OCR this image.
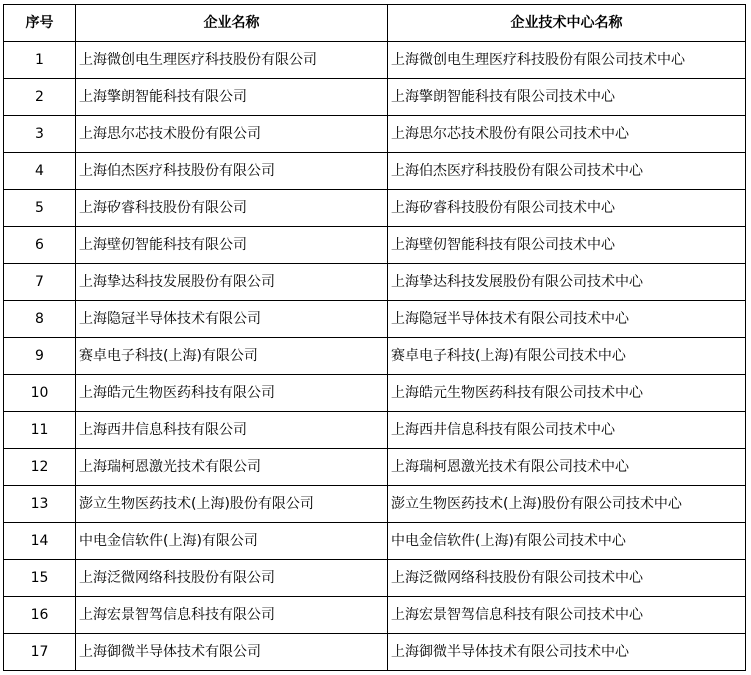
序号	企业名称	企业技术中心名称
1	上海微创电生理医疗科技股份有限公司	上海微创电生理医疗科技股份有限公司技术中心
2	上海擎朗智能科技有限公司	上海擎朗智能科技有限公司技术中心
3	上海思尔芯技术股份有限公司	上海思尔芯技术股份有限公司技术中心
4	上海伯杰医疗科技股份有限公司	上海伯杰医疗科技股份有限公司技术中心
5	上海矽睿科技股份有限公司	上海矽睿科技股份有限公司技术中心
6	上海壁仞智能科技有限公司	上海壁仞智能科技有限公司技术中心
7	上海挚达科技发展股份有限公司	上海挚达科技发展股份有限公司技术中心
8	上海隐冠半导体技术有限公司	上海隐冠半导体技术有限公司技术中心
9	赛卓电子科技(上海)有限公司	赛卓电子科技(上海)有限公司技术中心
10	上海皓元生物医药科技有限公司	上海皓元生物医药科技有限公司技术中心
11	上海西井信息科技有限公司	上海西井信息科技有限公司技术中心
12	上海瑞柯恩激光技术有限公司	上海瑞柯恩激光技术有限公司技术中心
13	澎立生物医药技术(上海)股份有限公司	澎立生物医药技术(上海)股份有限公司技术中心
14	中电金信软件(上海)有限公司	中电金信软件(上海)有限公司技术中心
15	上海泛微网络科技股份有限公司	上海泛微网络科技股份有限公司技术中心
16	上海宏景智驾信息科技有限公司	上海宏景智驾信息科技有限公司技术中心
17	上海御微半导体技术有限公司	上海御微半导体技术有限公司技术中心
